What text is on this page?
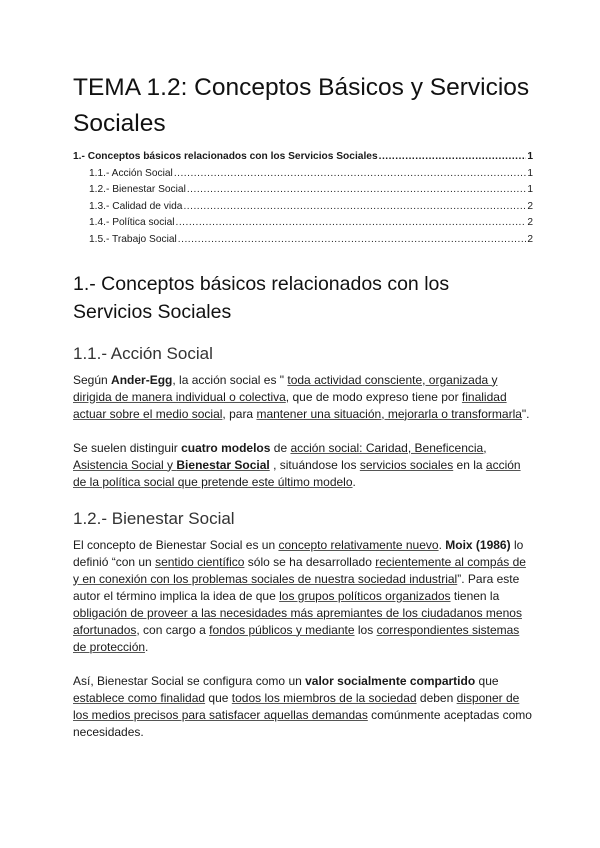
TEMA 1.2: Conceptos Básicos y Servicios Sociales
1.- Conceptos básicos relacionados con los Servicios Sociales .....	1
1.1.- Acción Social .....	1
1.2.- Bienestar Social .....	1
1.3.- Calidad de vida .....	2
1.4.- Política social .....	2
1.5.- Trabajo Social .....	2
1.- Conceptos básicos relacionados con los Servicios Sociales
1.1.- Acción Social

Según Ander-Egg, la acción social es " toda actividad consciente, organizada y dirigida de manera individual o colectiva, que de modo expreso tiene por finalidad actuar sobre el medio social, para mantener una situación, mejorarla o transformarla".

Se suelen distinguir cuatro modelos de acción social: Caridad, Beneficencia, Asistencia Social y Bienestar Social , situándose los servicios sociales en la acción de la política social que pretende este último modelo.

1.2.- Bienestar Social

El concepto de Bienestar Social es un concepto relativamente nuevo. Moix (1986) lo definió “con un sentido científico sólo se ha desarrollado recientemente al compás de y en conexión con los problemas sociales de nuestra sociedad industrial”. Para este autor el término implica la idea de que los grupos políticos organizados tienen la obligación de proveer a las necesidades más apremiantes de los ciudadanos menos afortunados, con cargo a fondos públicos y mediante los correspondientes sistemas de protección.

Así, Bienestar Social se configura como un valor socialmente compartido que establece como finalidad que todos los miembros de la sociedad deben disponer de los medios precisos para satisfacer aquellas demandas comúnmente aceptadas como necesidades.
